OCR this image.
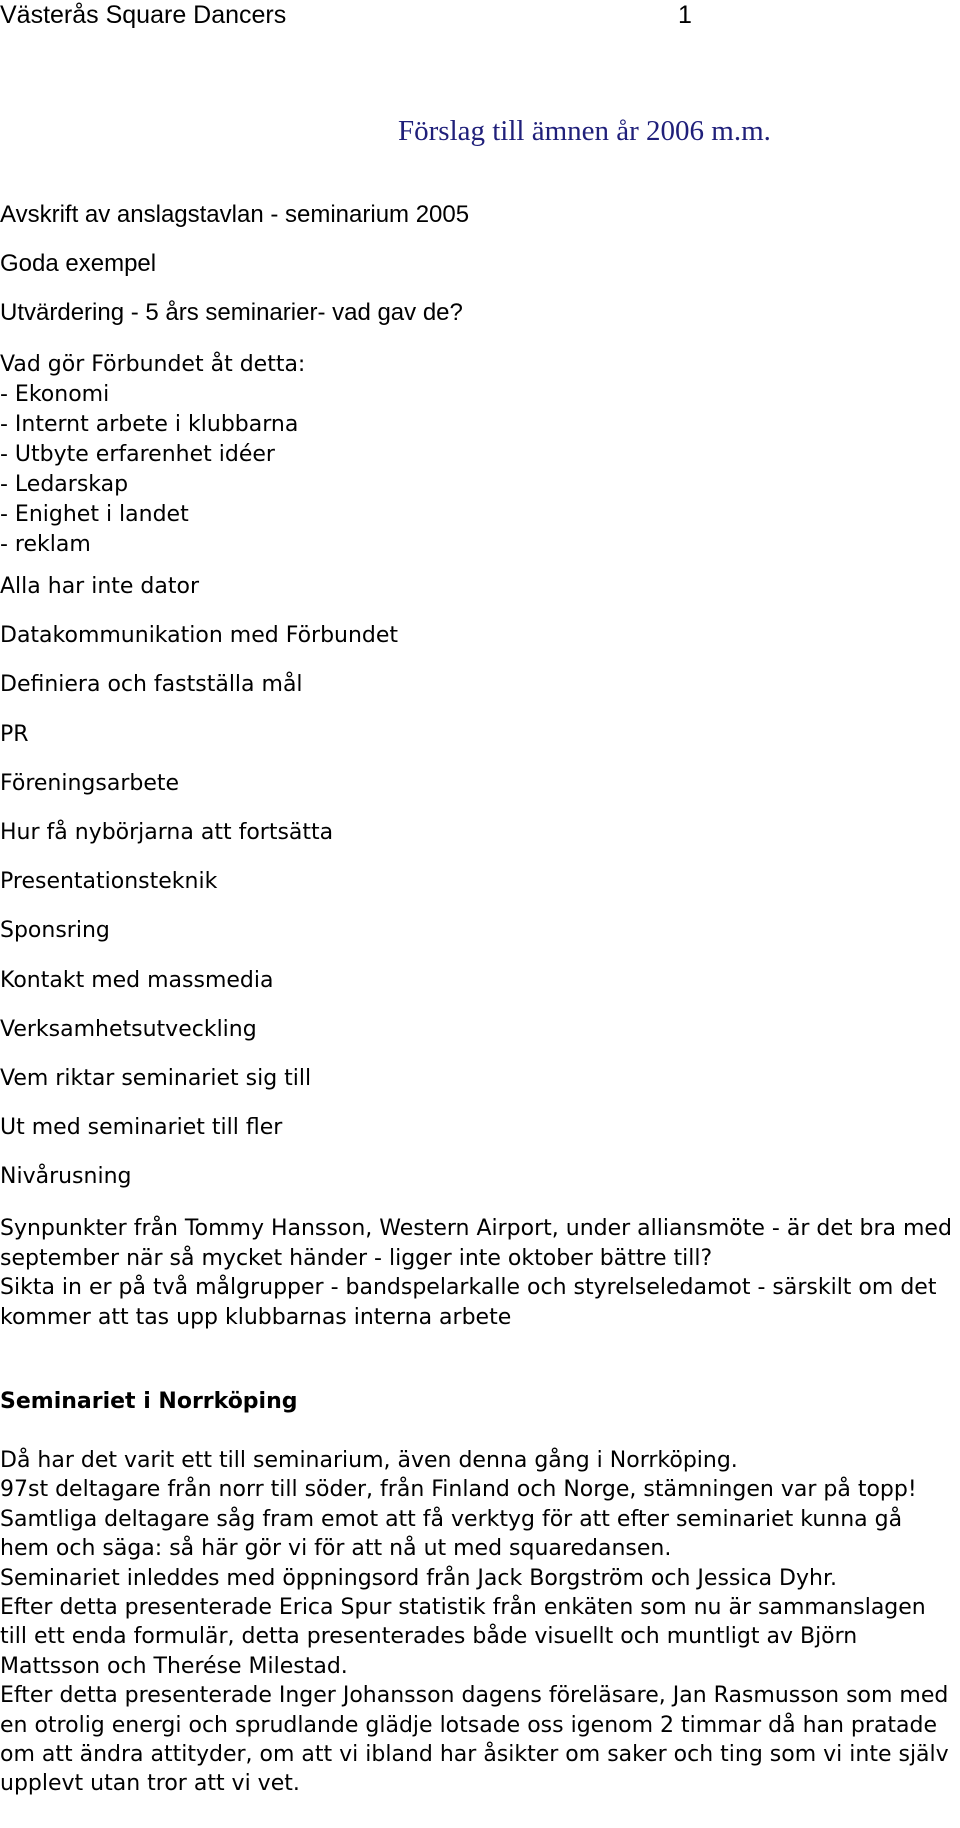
Västerås Square Dancers	1
Förslag till ämnen år 2006 m.m.
Avskrift av anslagstavlan - seminarium 2005
Goda exempel
Utvärdering - 5 års seminarier- vad gav de?
Vad gör Förbundet åt detta:
- Ekonomi
- Internt arbete i klubbarna
- Utbyte erfarenhet idéer
- Ledarskap
- Enighet i landet
- reklam
Alla har inte dator
Datakommunikation med Förbundet
Definiera och fastställa mål
PR
Föreningsarbete
Hur få nybörjarna att fortsätta
Presentationsteknik
Sponsring
Kontakt med massmedia
Verksamhetsutveckling
Vem riktar seminariet sig till
Ut med seminariet till fler
Nivårusning
Synpunkter från Tommy Hansson, Western Airport, under alliansmöte - är det bra med september när så mycket händer - ligger inte oktober bättre till?
Sikta in er på två målgrupper - bandspelarkalle och styrelseledamot - särskilt om det kommer att tas upp klubbarnas interna arbete
Seminariet i Norrköping

Då har det varit ett till seminarium, även denna gång i Norrköping.

97st deltagare från norr till söder, från Finland och Norge, stämningen var på topp!

Samtliga deltagare såg fram emot att få verktyg för att efter seminariet kunna gå hem och säga: så här gör vi för att nå ut med squaredansen.

Seminariet inleddes med öppningsord från Jack Borgström och Jessica Dyhr.

Efter detta presenterade Erica Spur statistik från enkäten som nu är sammanslagen till ett enda formulär, detta presenterades både visuellt och muntligt av Björn Mattsson och Therése Milestad.

Efter detta presenterade Inger Johansson dagens föreläsare, Jan Rasmusson som med en otrolig energi och sprudlande glädje lotsade oss igenom 2 timmar då han pratade om att ändra attityder, om att vi ibland har åsikter om saker och ting som vi inte själv upplevt utan tror att vi vet.
